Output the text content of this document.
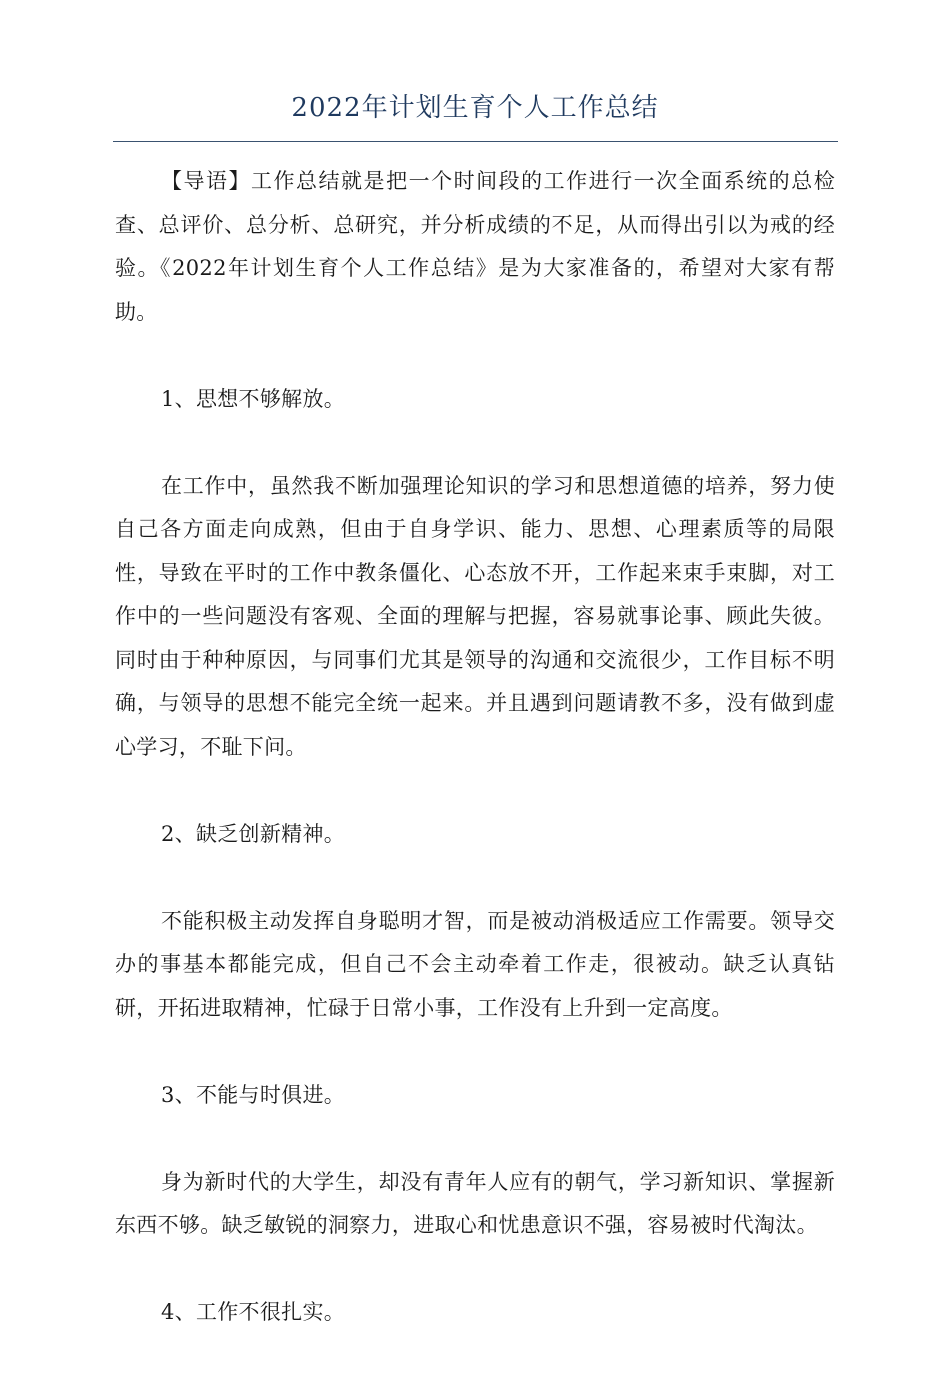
2022年计划生育个人工作总结

【导语】工作总结就是把一个时间段的工作进行一次全面系统的总检查、总评价、总分析、总研究，并分析成绩的不足，从而得出引以为戒的经验。《2022年计划生育个人工作总结》是为大家准备的，希望对大家有帮助。

1、思想不够解放。

在工作中，虽然我不断加强理论知识的学习和思想道德的培养，努力使自己各方面走向成熟，但由于自身学识、能力、思想、心理素质等的局限性，导致在平时的工作中教条僵化、心态放不开，工作起来束手束脚，对工作中的一些问题没有客观、全面的理解与把握，容易就事论事、顾此失彼。同时由于种种原因，与同事们尤其是领导的沟通和交流很少，工作目标不明确，与领导的思想不能完全统一起来。并且遇到问题请教不多，没有做到虚心学习，不耻下问。

2、缺乏创新精神。

不能积极主动发挥自身聪明才智，而是被动消极适应工作需要。领导交办的事基本都能完成，但自己不会主动牵着工作走，很被动。缺乏认真钻研，开拓进取精神，忙碌于日常小事，工作没有上升到一定高度。

3、不能与时俱进。

身为新时代的大学生，却没有青年人应有的朝气，学习新知识、掌握新东西不够。缺乏敏锐的洞察力，进取心和忧患意识不强，容易被时代淘汰。

4、工作不很扎实。
